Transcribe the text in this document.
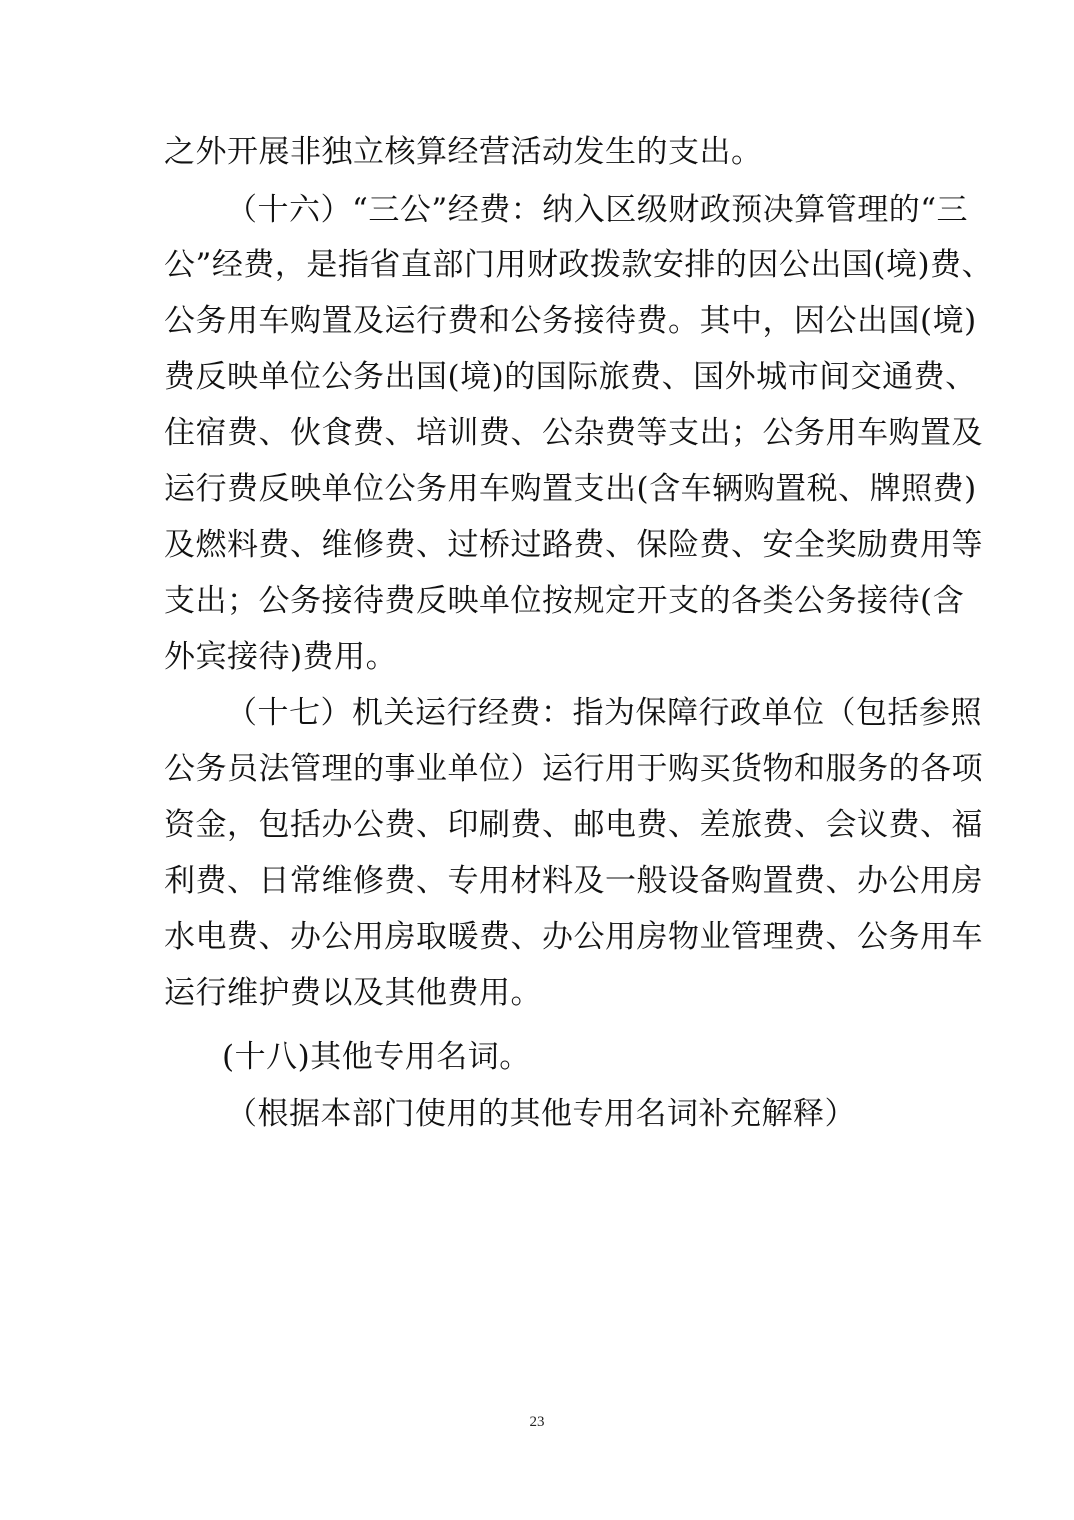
之外开展非独立核算经营活动发生的支出。
（十六）“三公”经费：纳入区级财政预决算管理的“三
公”经费，是指省直部门用财政拨款安排的因公出国(境)费、
公务用车购置及运行费和公务接待费。其中，因公出国(境)
费反映单位公务出国(境)的国际旅费、国外城市间交通费、
住宿费、伙食费、培训费、公杂费等支出；公务用车购置及
运行费反映单位公务用车购置支出(含车辆购置税、牌照费)
及燃料费、维修费、过桥过路费、保险费、安全奖励费用等
支出；公务接待费反映单位按规定开支的各类公务接待(含
外宾接待)费用。
（十七）机关运行经费：指为保障行政单位（包括参照
公务员法管理的事业单位）运行用于购买货物和服务的各项
资金，包括办公费、印刷费、邮电费、差旅费、会议费、福
利费、日常维修费、专用材料及一般设备购置费、办公用房
水电费、办公用房取暖费、办公用房物业管理费、公务用车
运行维护费以及其他费用。
(十八)其他专用名词。
（根据本部门使用的其他专用名词补充解释）
23
